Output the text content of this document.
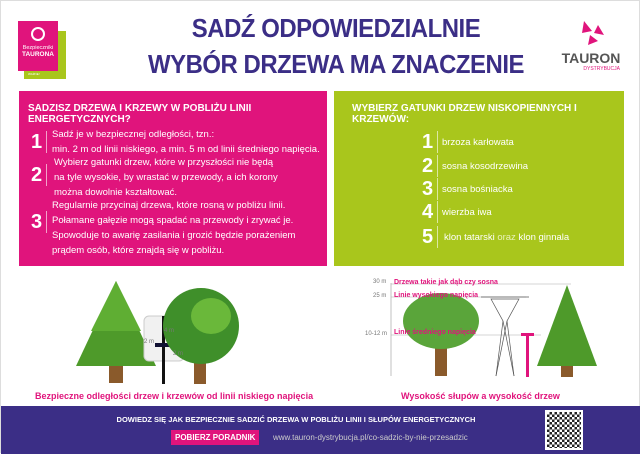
Bezpieczniki
TAURONA
WAŻNE!
SADŹ ODPOWIEDZIALNIE
WYBÓR DRZEWA MA ZNACZENIE	TAURON
DYSTRYBUCJA
SADZISZ DRZEWA I KRZEWY W POBLIŻU LINII ENERGETYCZNYCH?
1	Sadź je w bezpiecznej odległości, tzn.:
min. 2 m od linii niskiego, a min. 5 m od linii średniego napięcia.
2
Wybierz gatunki drzew, które w przyszłości nie będą
na tyle wysokie, by wrastać w przewody, a ich korony
można dowolnie kształtować.
3
Regularnie przycinaj drzewa, które rosną w pobliżu linii.
Połamane gałęzie mogą spadać na przewody i zrywać je.
Spowoduje to awarię zasilania i grozić będzie porażeniem
prądem osób, które znajdą się w pobliżu.
WYBIERZ GATUNKI DRZEW NISKOPIENNYCH I KRZEWÓW:
1 brzoza karłowata
2 sosna kosodrzewina
3 sosna bośniacka
4 wierzba iwa
5	klon tatarski oraz klon ginnala
4 m
2 m
2 m
Bezpieczne odległości drzew i krzewów od linii niskiego napięcia
30 m
25 m
10-12 m
Drzewa takie jak dąb czy sosna
Linie wysokiego napięcia
Linie średniego napięcia
Wysokość słupów a wysokość drzew
DOWIEDZ SIĘ JAK BEZPIECZNIE SADZIĆ DRZEWA W POBLIŻU LINII I SŁUPÓW ENERGETYCZNYCH
POBIERZ PORADNIK	www.tauron-dystrybucja.pl/co-sadzic-by-nie-przesadzic
